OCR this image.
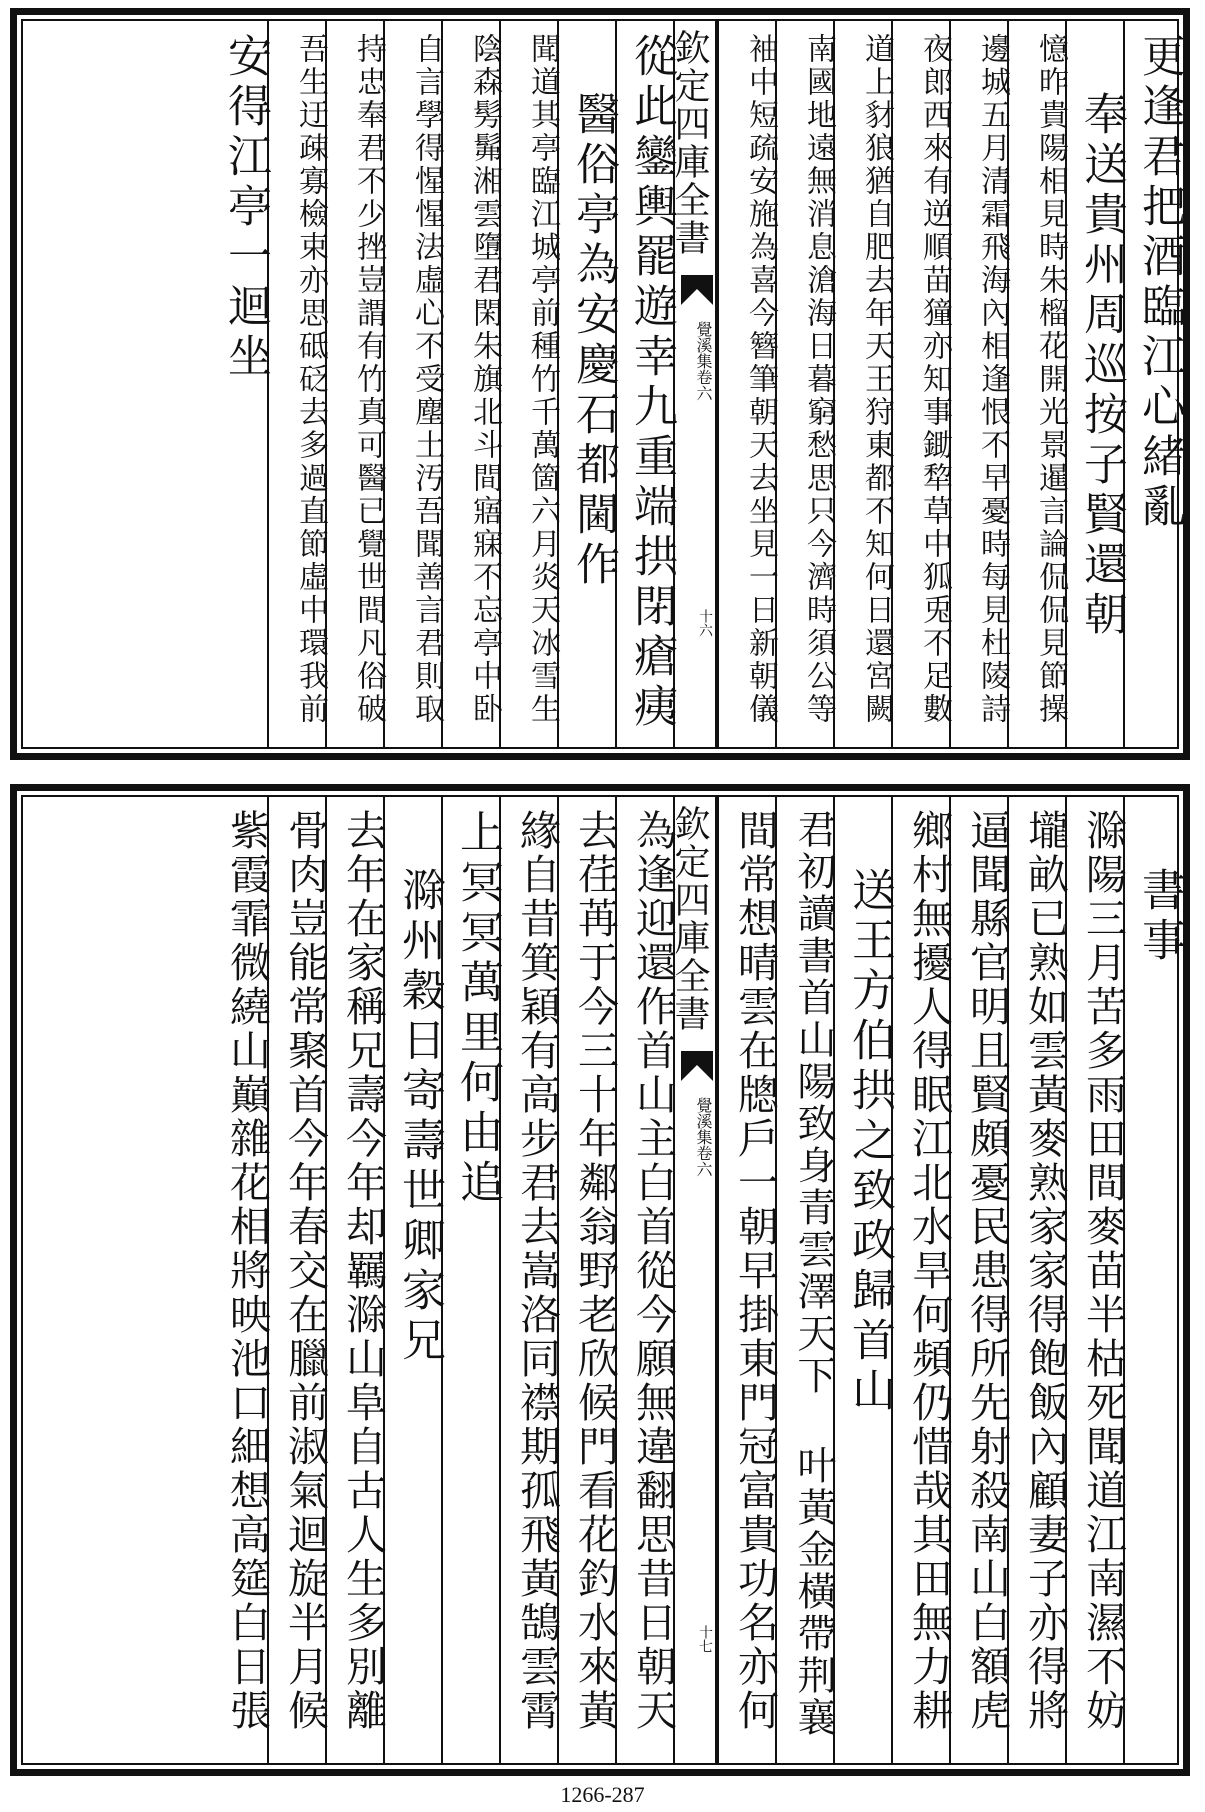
更逢君把酒臨江心緒亂
奉送貴州周巡按子賢還朝
憶昨貴陽相見時朱榴花開光景暹言論侃侃見節操
邊城五月清霜飛海內相逢恨不早憂時每見杜陵詩
夜郎西來有逆順苗獞亦知事鋤犂草中狐兎不足數
道上豺狼猶自肥去年天王狩東都不知何日還宮闕
南國地遠無消息滄海日暮窮愁思只今濟時須公等
袖中短疏安施為喜今簪筆朝天去坐見一日新朝儀
欽定四庫全書
覺溪集
卷六
十六
從此鑾輿罷遊幸九重端拱閉瘡痍
醫俗亭為安慶石都閫作
聞道其亭臨江城亭前種竹千萬箇六月炎天冰雪生
陰森髣髴湘雲墮君閑朱旗北斗間寤寐不忘亭中卧
自言學得惺惺法虛心不受塵土汚吾聞善言君則取
持忠奉君不少挫豈謂有竹真可醫已覺世間凡俗破
吾生迂疎寡檢束亦思砥砭去多過直節虛中環我前
安得江亭一迴坐
書事
滁陽三月苦多雨田間麥苗半枯死聞道江南濕不妨
壠畝已熟如雲黃麥熟家家得飽飯內顧妻子亦得將
逼聞縣官明且賢頗憂民患得所先射殺南山白額虎
鄉村無擾人得眠江北水旱何頻仍惜哉其田無力耕
送王方伯拱之致政歸首山
君初讀書首山陽致身青雲澤天下 叶黃金橫帶荆襄
間常想晴雲在牕戶一朝早掛東門冠富貴功名亦何
欽定四庫全書
覺溪集
卷六
十七
為逢迎還作首山主白首從今願無違翻思昔日朝天
去荏苒于今三十年鄰翁野老欣候門看花釣水來黃
緣自昔箕穎有高步君去嵩洛同襟期孤飛黃鵠雲霄
上冥冥萬里何由追
滁州穀日寄壽世卿家兄
去年在家稱兄壽今年却羈滁山阜自古人生多別離
骨肉豈能常聚首今年春交在臘前淑氣迴旋半月候
紫霞霏微繞山巔雜花相將映池口細想高筵白日張
1266-287
